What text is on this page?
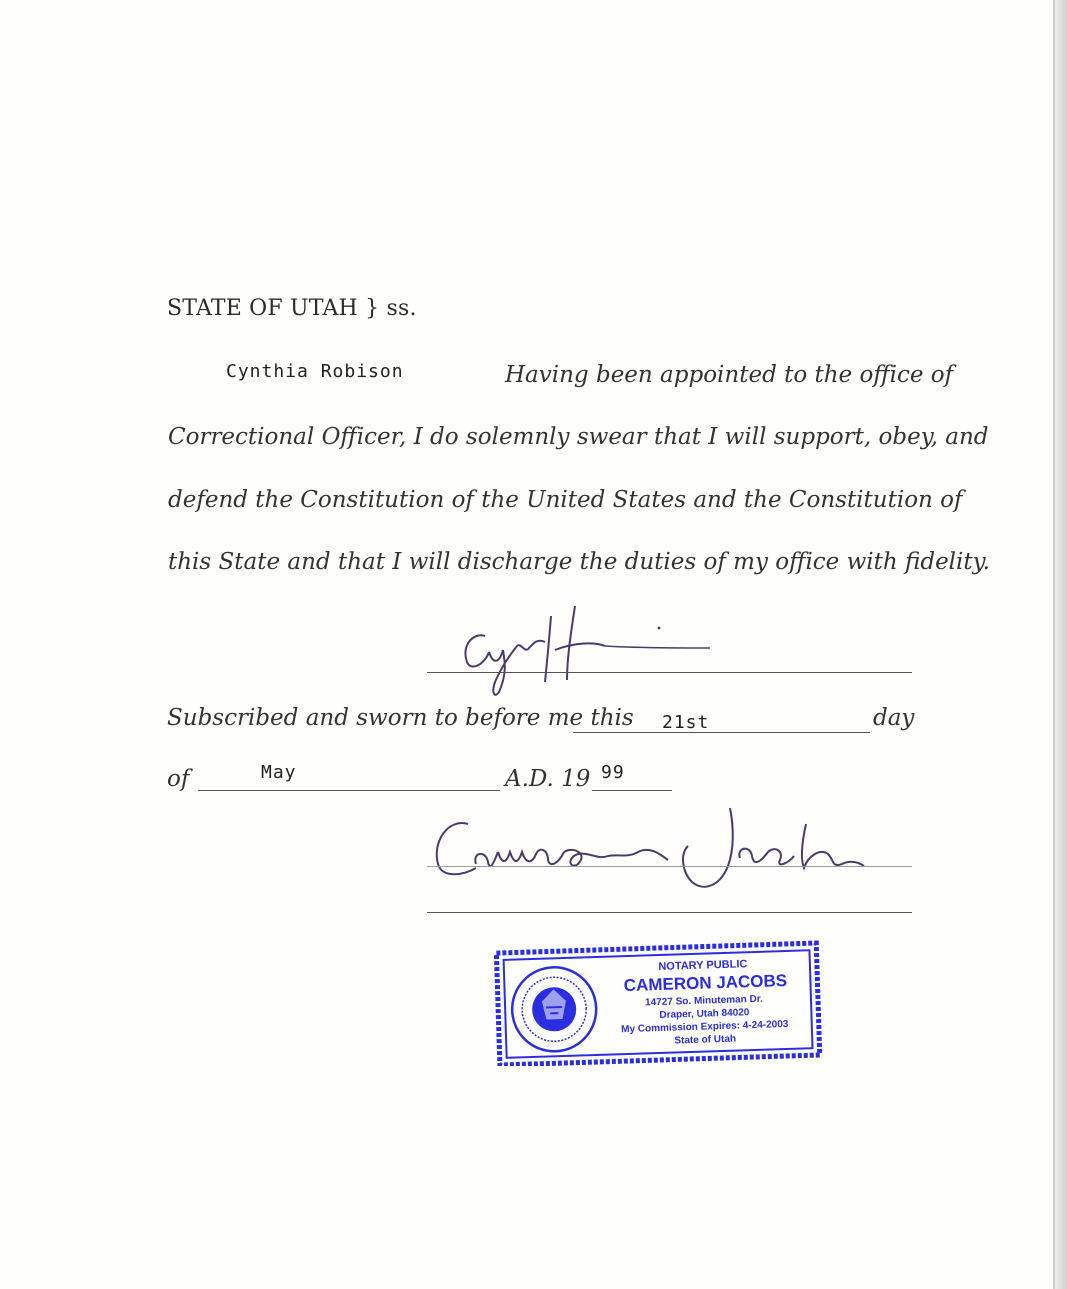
STATE OF UTAH } ss.
Cynthia Robison	Having been appointed to the office of
Correctional Officer, I do solemnly swear that I will support, obey, and
defend the Constitution of the United States and the Constitution of
this State and that I will discharge the duties of my office with fidelity.
Subscribed and sworn to before me this 21st	day
of	May	A.D. 19 99
NOTARY PUBLIC
CAMERON JACOBS
14727 So. Minuteman Dr.
Draper, Utah 84020
My Commission Expires: 4-24-2003
State of Utah
